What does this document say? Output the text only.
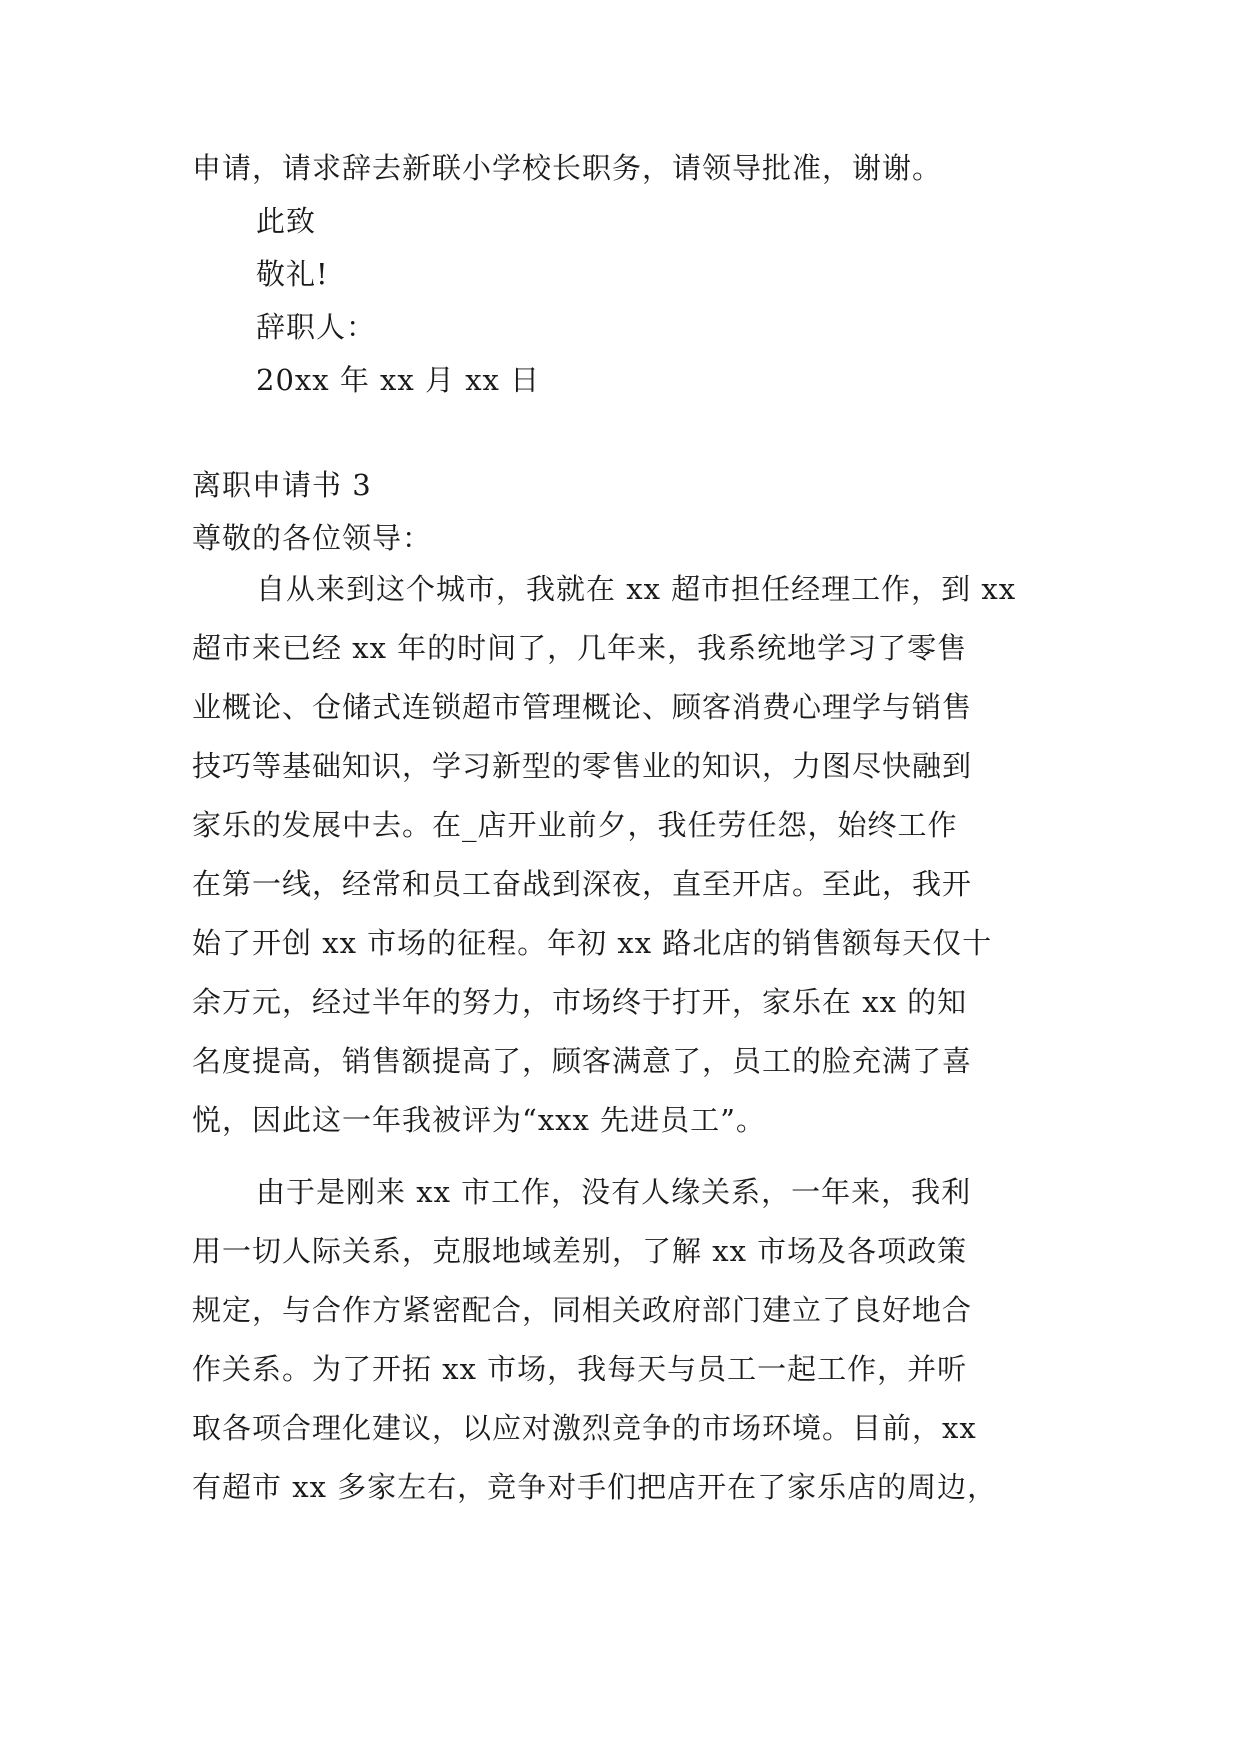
申请，请求辞去新联小学校长职务，请领导批准，谢谢。
此致
敬礼!
辞职人：
20xx 年 xx 月 xx 日
离职申请书 3
尊敬的各位领导：
自从来到这个城市，我就在 xx 超市担任经理工作，到 xx
超市来已经 xx 年的时间了，几年来，我系统地学习了零售
业概论、仓储式连锁超市管理概论、顾客消费心理学与销售
技巧等基础知识，学习新型的零售业的知识，力图尽快融到
家乐的发展中去。在_店开业前夕，我任劳任怨，始终工作
在第一线，经常和员工奋战到深夜，直至开店。至此，我开
始了开创 xx 市场的征程。年初 xx 路北店的销售额每天仅十
余万元，经过半年的努力，市场终于打开，家乐在 xx 的知
名度提高，销售额提高了，顾客满意了，员工的脸充满了喜
悦，因此这一年我被评为“xxx 先进员工”。
由于是刚来 xx 市工作，没有人缘关系，一年来，我利
用一切人际关系，克服地域差别，了解 xx 市场及各项政策
规定，与合作方紧密配合，同相关政府部门建立了良好地合
作关系。为了开拓 xx 市场，我每天与员工一起工作，并听
取各项合理化建议，以应对激烈竞争的市场环境。目前，xx
有超市 xx 多家左右，竞争对手们把店开在了家乐店的周边，
